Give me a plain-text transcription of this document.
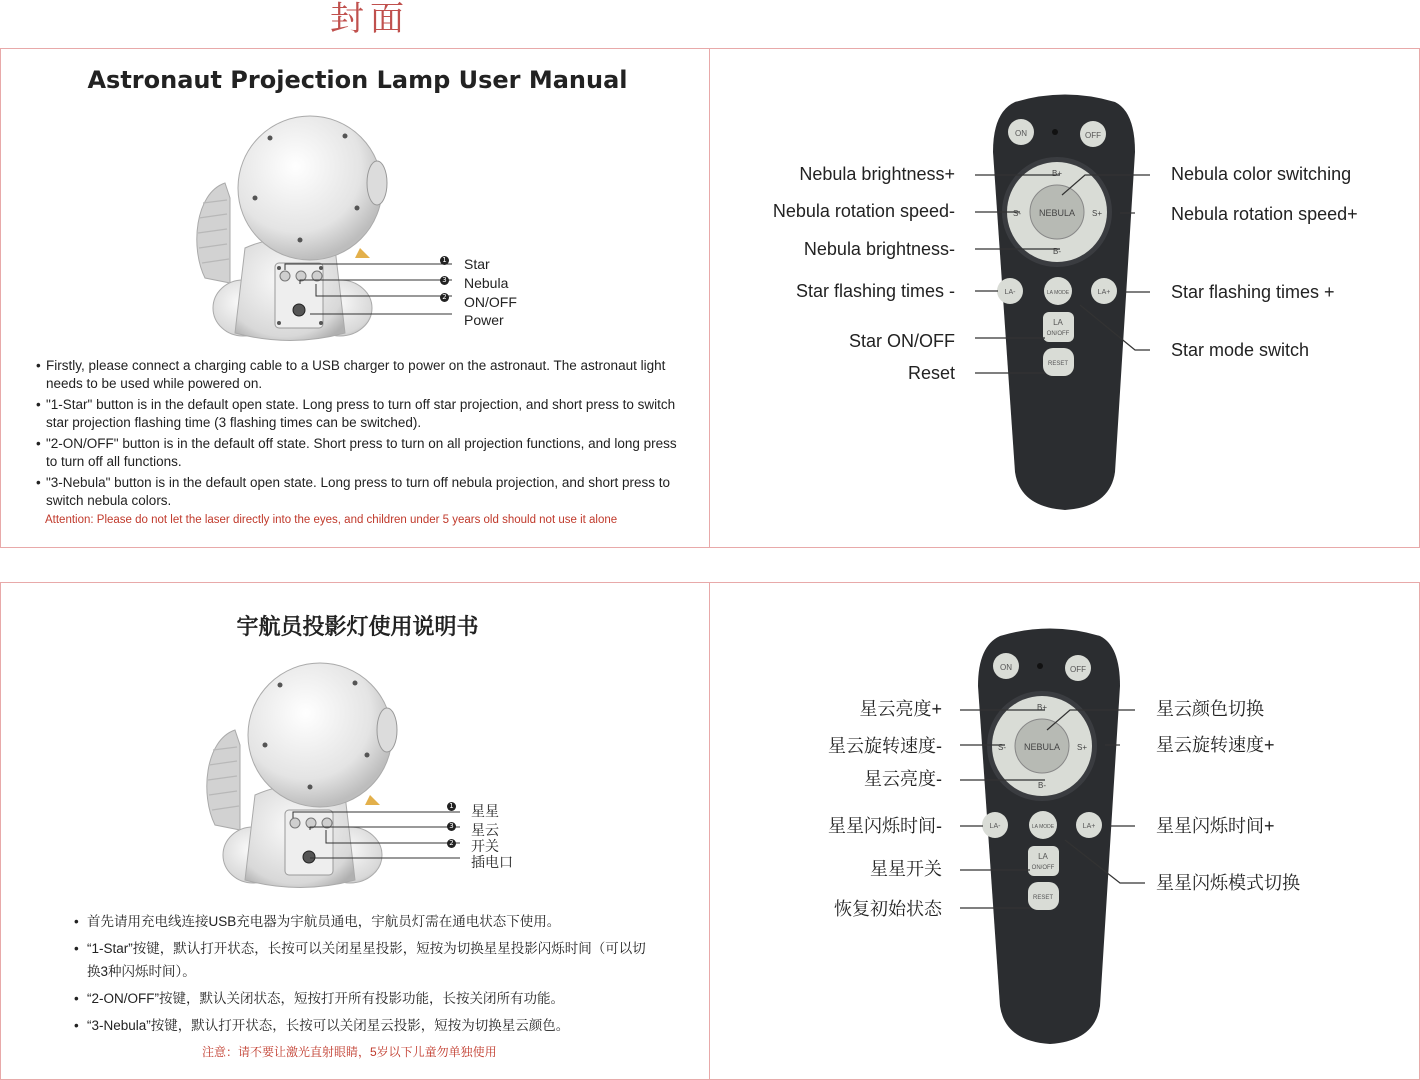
封面
Astronaut Projection Lamp User Manual
1 Star
3 Nebula
2 ON/OFF
Power
• Firstly, please connect a charging cable to a USB charger to power on the astronaut. The astronaut light needs to be used while powered on.
• "1-Star" button is in the default open state. Long press to turn off star projection, and short press to switch star projection flashing time (3 flashing times can be switched).
• "2-ON/OFF" button is in the default off state. Short press to turn on all projection functions, and long press to turn off all functions.
• "3-Nebula" button is in the default open state. Long press to turn off nebula projection, and short press to switch nebula colors.
Attention: Please do not let the laser directly into the eyes, and children under 5 years old should not use it alone
ON	OFF
NEBULA
B+
B-
S-	S+
LA-	LA MODE	LA+
LA
ON/OFF
RESET
Nebula brightness+
Nebula rotation speed-
Nebula brightness-
Star flashing times -
Star ON/OFF
Reset
Nebula color switching
Nebula rotation speed+
Star flashing times +
Star mode switch
宇航员投影灯使用说明书
1 星星
3 星云
2 开关
插电口
• 首先请用充电线连接USB充电器为宇航员通电，宇航员灯需在通电状态下使用。
• “1-Star”按键，默认打开状态，长按可以关闭星星投影，短按为切换星星投影闪烁时间（可以切换3种闪烁时间）。
• “2-ON/OFF”按键，默认关闭状态，短按打开所有投影功能，长按关闭所有功能。
• “3-Nebula”按键，默认打开状态，长按可以关闭星云投影，短按为切换星云颜色。
注意：请不要让激光直射眼睛，5岁以下儿童勿单独使用
ON	OFF
NEBULA
B+
B-
S-	S+
LA-	LA MODE	LA+
LA
ON/OFF
RESET
星云亮度+
星云旋转速度-
星云亮度-
星星闪烁时间-
星星开关
恢复初始状态
星云颜色切换
星云旋转速度+
星星闪烁时间+
星星闪烁模式切换
